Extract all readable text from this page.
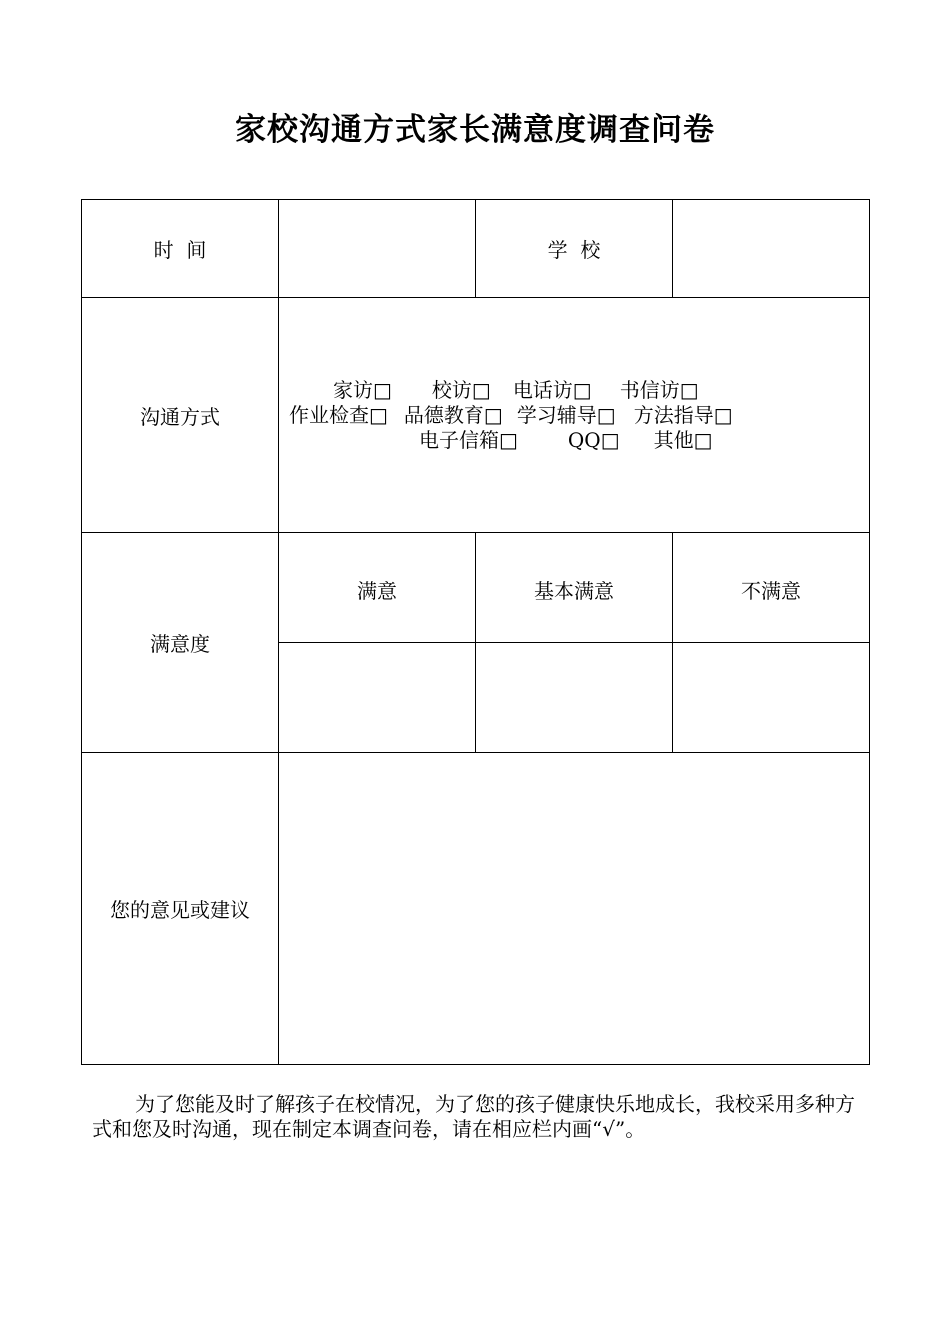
家校沟通方式家长满意度调查问卷
时  间		学  校	
沟通方式	家访□ 校访□ 电话访□ 书信访□
作业检查□ 品德教育□ 学习辅导□ 方法指导□
电子信箱□ QQ□ 其他□		

满意度	满意	基本满意	不满意

您的意见或建议			
为了您能及时了解孩子在校情况，为了您的孩子健康快乐地成长，我校采用多种方式和您及时沟通，现在制定本调查问卷，请在相应栏内画“√”。
